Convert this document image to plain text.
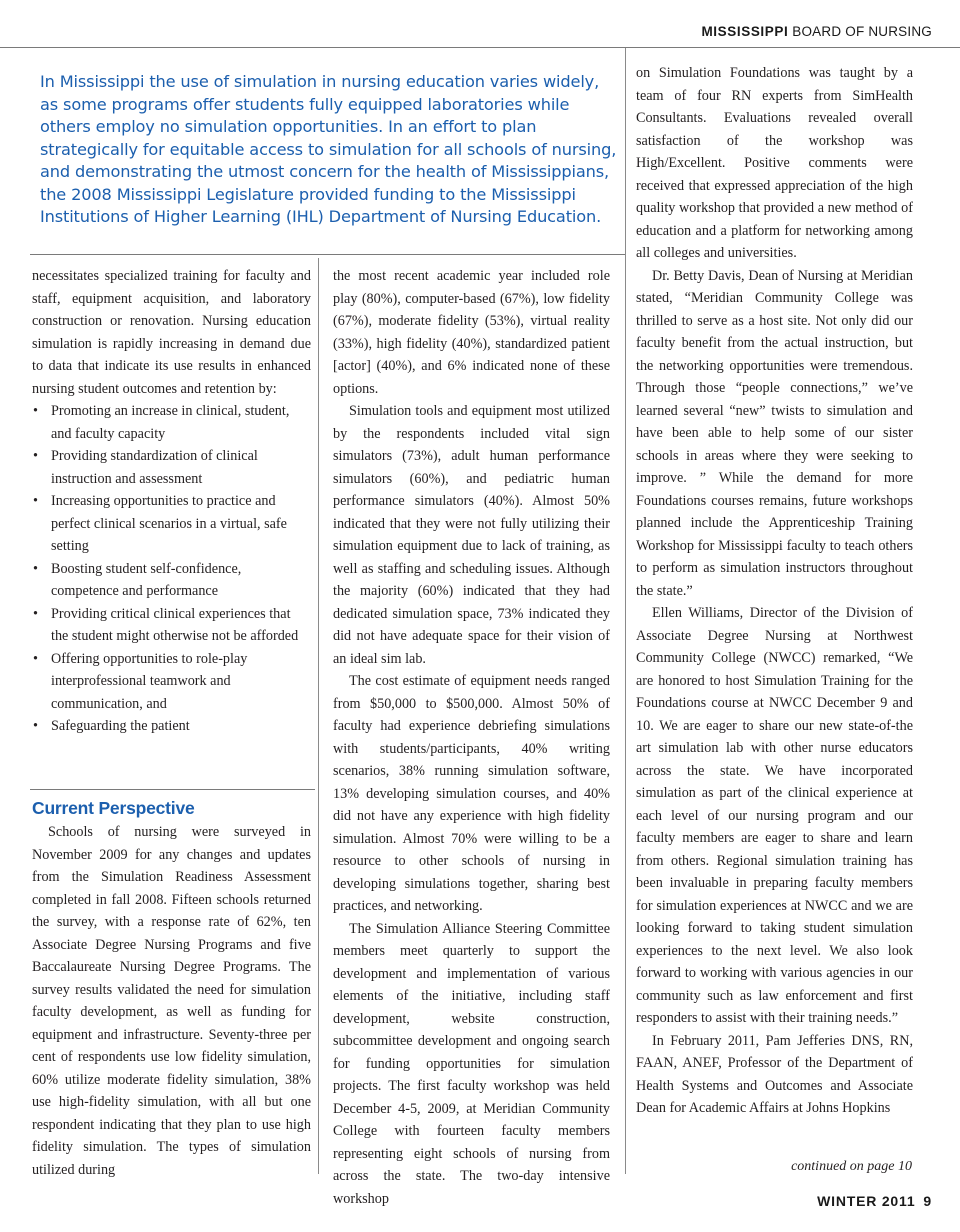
MISSISSIPPI BOARD OF NURSING
In Mississippi the use of simulation in nursing education varies widely, as some programs offer students fully equipped laboratories while others employ no simulation opportunities. In an effort to plan strategically for equitable access to simulation for all schools of nursing, and demonstrating the utmost concern for the health of Mississippians, the 2008 Mississippi Legislature provided funding to the Mississippi Institutions of Higher Learning (IHL) Department of Nursing Education.

necessitates specialized training for faculty and staff, equipment acquisition, and laboratory construction or renovation. Nursing education simulation is rapidly increasing in demand due to data that indicate its use results in enhanced nursing student outcomes and retention by:

• Promoting an increase in clinical, student, and faculty capacity
• Providing standardization of clinical instruction and assessment
• Increasing opportunities to practice and perfect clinical scenarios in a virtual, safe setting
• Boosting student self-confidence, competence and performance
• Providing critical clinical experiences that the student might otherwise not be afforded
• Offering opportunities to role-play interprofessional teamwork and communication, and
• Safeguarding the patient
Current Perspective

Schools of nursing were surveyed in November 2009 for any changes and updates from the Simulation Readiness Assessment completed in fall 2008. Fifteen schools returned the survey, with a response rate of 62%, ten Associate Degree Nursing Programs and five Baccalaureate Nursing Degree Programs. The survey results validated the need for simulation faculty development, as well as funding for equipment and infrastructure. Seventy-three per cent of respondents use low fidelity simulation, 60% utilize moderate fidelity simulation, 38% use high-fidelity simulation, with all but one respondent indicating that they plan to use high fidelity simulation. The types of simulation utilized during

the most recent academic year included role play (80%), computer-based (67%), low fidelity (67%), moderate fidelity (53%), virtual reality (33%), high fidelity (40%), standardized patient [actor] (40%), and 6% indicated none of these options.

Simulation tools and equipment most utilized by the respondents included vital sign simulators (73%), adult human performance simulators (60%), and pediatric human performance simulators (40%). Almost 50% indicated that they were not fully utilizing their simulation equipment due to lack of training, as well as staffing and scheduling issues. Although the majority (60%) indicated that they had dedicated simulation space, 73% indicated they did not have adequate space for their vision of an ideal sim lab.

The cost estimate of equipment needs ranged from $50,000 to $500,000. Almost 50% of faculty had experience debriefing simulations with students/participants, 40% writing scenarios, 38% running simulation software, 13% developing simulation courses, and 40% did not have any experience with high fidelity simulation. Almost 70% were willing to be a resource to other schools of nursing in developing simulations together, sharing best practices, and networking.

The Simulation Alliance Steering Committee members meet quarterly to support the development and implementation of various elements of the initiative, including staff development, website construction, subcommittee development and ongoing search for funding opportunities for simulation projects. The first faculty workshop was held December 4-5, 2009, at Meridian Community College with fourteen faculty members representing eight schools of nursing from across the state. The two-day intensive workshop

on Simulation Foundations was taught by a team of four RN experts from SimHealth Consultants. Evaluations revealed overall satisfaction of the workshop was High/Excellent. Positive comments were received that expressed appreciation of the high quality workshop that provided a new method of education and a platform for networking among all colleges and universities.

Dr. Betty Davis, Dean of Nursing at Meridian stated, “Meridian Community College was thrilled to serve as a host site. Not only did our faculty benefit from the actual instruction, but the networking opportunities were tremendous. Through those “people connections,” we’ve learned several “new” twists to simulation and have been able to help some of our sister schools in areas where they were seeking to improve. ” While the demand for more Foundations courses remains, future workshops planned include the Apprenticeship Training Workshop for Mississippi faculty to teach others to perform as simulation instructors throughout the state.”

Ellen Williams, Director of the Division of Associate Degree Nursing at Northwest Community College (NWCC) remarked, “We are honored to host Simulation Training for the Foundations course at NWCC December 9 and 10. We are eager to share our new state-of-the art simulation lab with other nurse educators across the state. We have incorporated simulation as part of the clinical experience at each level of our nursing program and our faculty members are eager to share and learn from others. Regional simulation training has been invaluable in preparing faculty members for simulation experiences at NWCC and we are looking forward to taking student simulation experiences to the next level. We also look forward to working with various agencies in our community such as law enforcement and first responders to assist with their training needs.”

In February 2011, Pam Jefferies DNS, RN, FAAN, ANEF, Professor of the Department of Health Systems and Outcomes and Associate Dean for Academic Affairs at Johns Hopkins

continued on page 10
WINTER 2011 9
